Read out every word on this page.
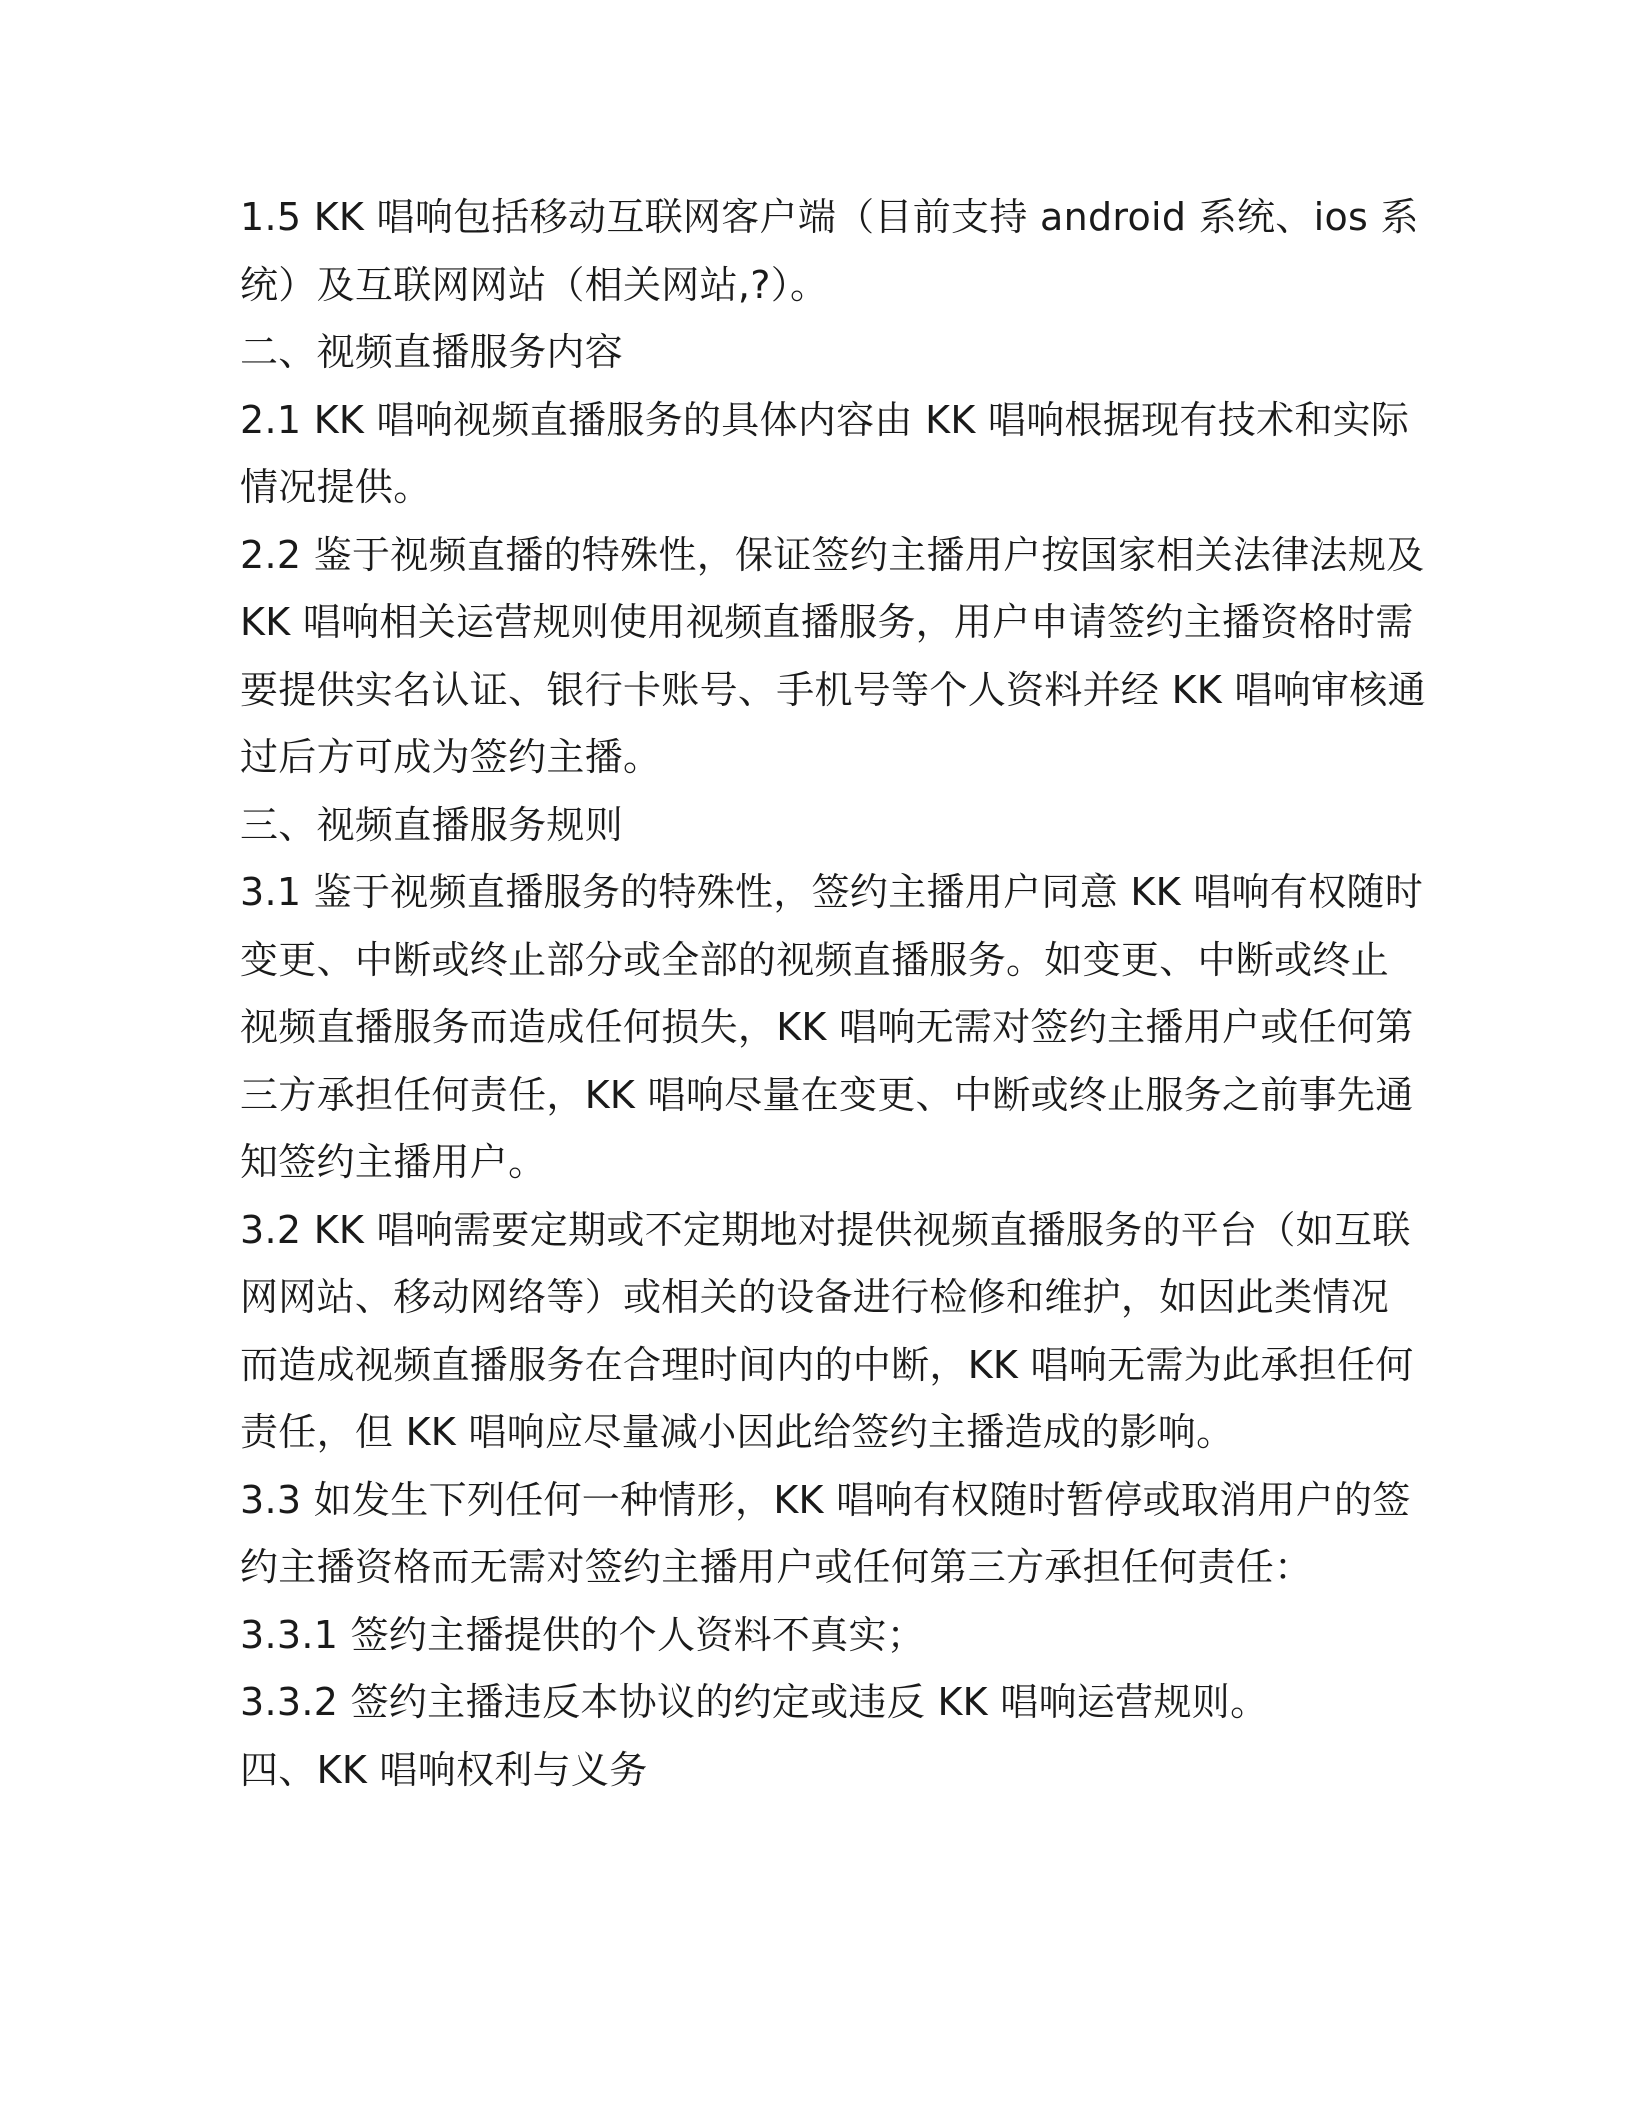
1.5 KK 唱响包括移动互联网客户端（目前支持 android 系统、ios 系
统）及互联网网站（相关网站,?）。
二、视频直播服务内容
2.1 KK 唱响视频直播服务的具体内容由 KK 唱响根据现有技术和实际
情况提供。
2.2 鉴于视频直播的特殊性，保证签约主播用户按国家相关法律法规及
KK 唱响相关运营规则使用视频直播服务，用户申请签约主播资格时需
要提供实名认证、银行卡账号、手机号等个人资料并经 KK 唱响审核通
过后方可成为签约主播。
三、视频直播服务规则
3.1 鉴于视频直播服务的特殊性，签约主播用户同意 KK 唱响有权随时
变更、中断或终止部分或全部的视频直播服务。如变更、中断或终止
视频直播服务而造成任何损失，KK 唱响无需对签约主播用户或任何第
三方承担任何责任，KK 唱响尽量在变更、中断或终止服务之前事先通
知签约主播用户。
3.2 KK 唱响需要定期或不定期地对提供视频直播服务的平台（如互联
网网站、移动网络等）或相关的设备进行检修和维护，如因此类情况
而造成视频直播服务在合理时间内的中断，KK 唱响无需为此承担任何
责任，但 KK 唱响应尽量减小因此给签约主播造成的影响。
3.3 如发生下列任何一种情形，KK 唱响有权随时暂停或取消用户的签
约主播资格而无需对签约主播用户或任何第三方承担任何责任：
3.3.1 签约主播提供的个人资料不真实；
3.3.2 签约主播违反本协议的约定或违反 KK 唱响运营规则。
四、KK 唱响权利与义务
